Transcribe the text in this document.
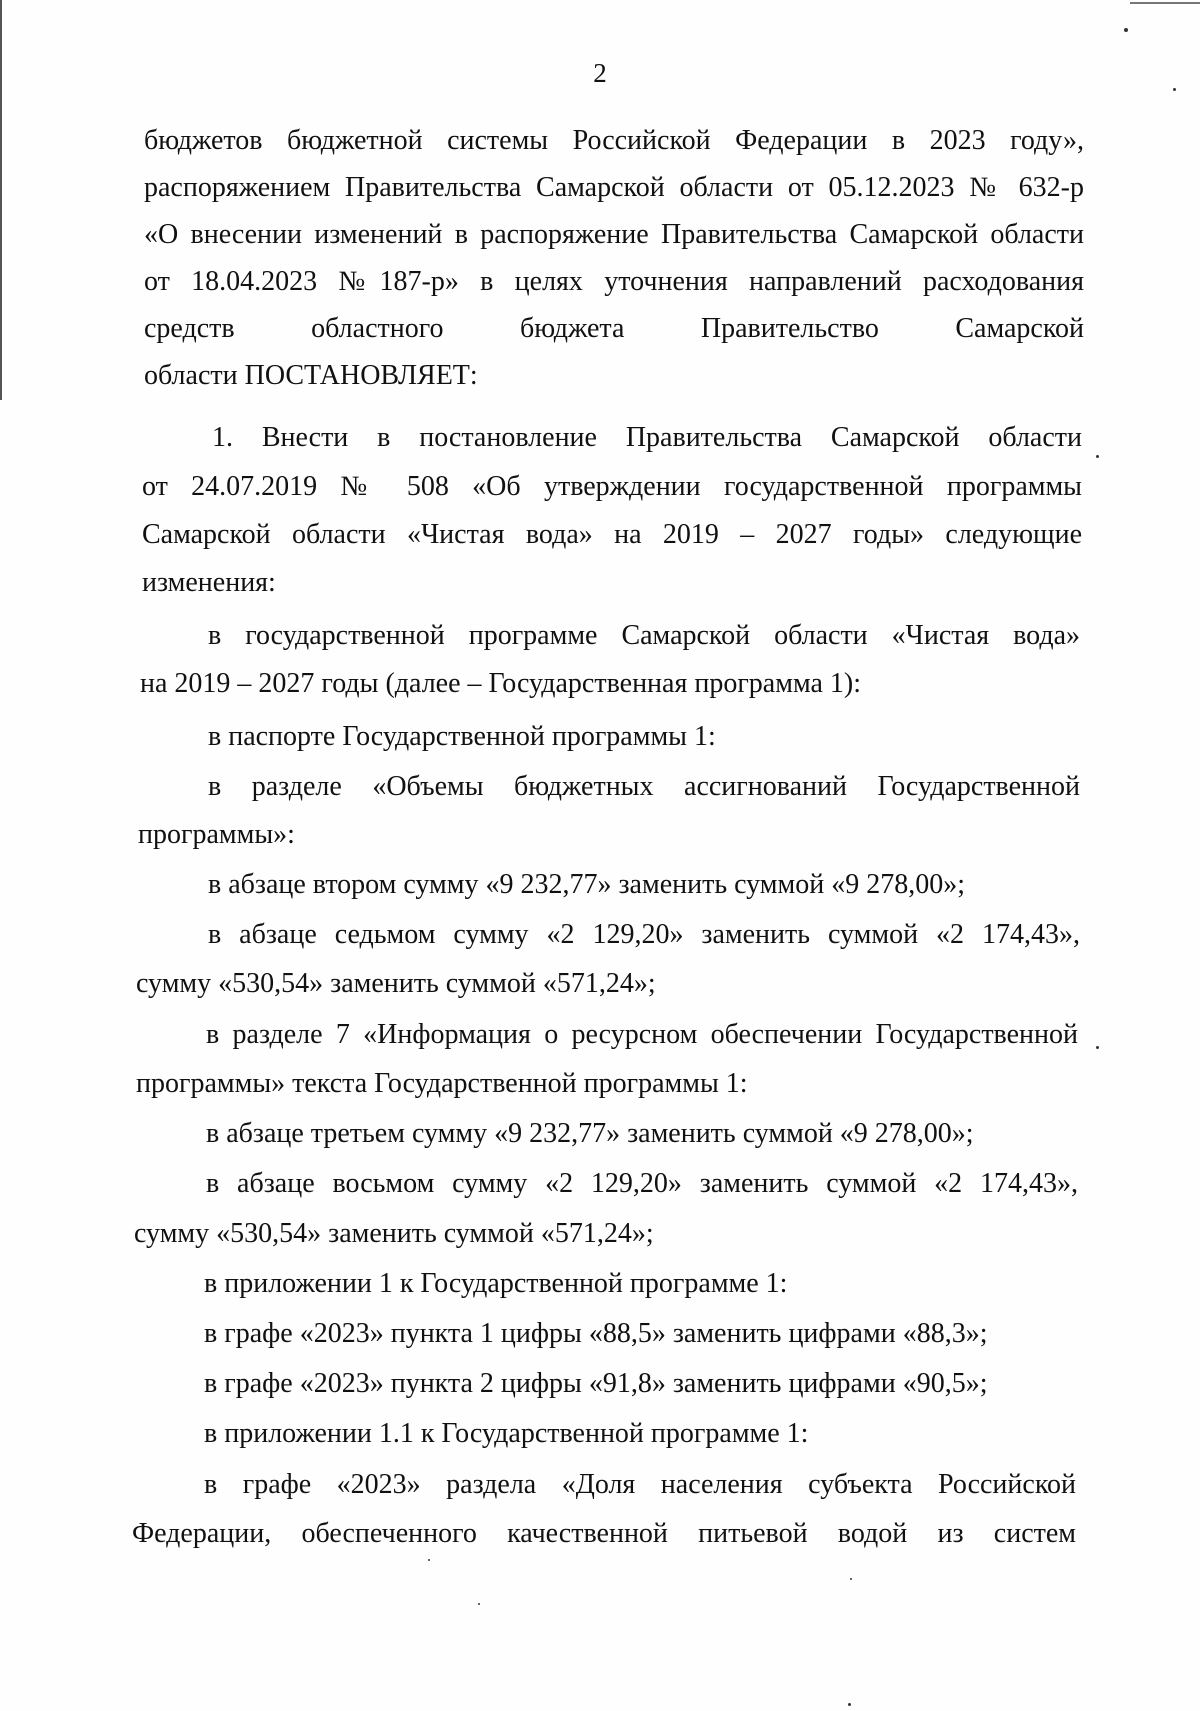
2
бюджетов бюджетной системы Российской Федерации в 2023 году»,
распоряжением Правительства Самарской области от 05.12.2023 № 632-р
«О внесении изменений в распоряжение Правительства Самарской области
от 18.04.2023 №187-р» в целях уточнения направлений расходования
средств областного бюджета Правительство Самарской
области ПОСТАНОВЛЯЕТ:
1. Внести в постановление Правительства Самарской области
от 24.07.2019 № 508 «Об утверждении государственной программы
Самарской области «Чистая вода» на 2019 – 2027 годы» следующие
изменения:
в государственной программе Самарской области «Чистая вода»
на 2019 – 2027 годы (далее – Государственная программа 1):
в паспорте Государственной программы 1:
в разделе «Объемы бюджетных ассигнований Государственной
программы»:
в абзаце втором сумму «9 232,77» заменить суммой «9 278,00»;
в абзаце седьмом сумму «2 129,20» заменить суммой «2 174,43»,
сумму «530,54» заменить суммой «571,24»;
в разделе 7 «Информация о ресурсном обеспечении Государственной
программы» текста Государственной программы 1:
в абзаце третьем сумму «9 232,77» заменить суммой «9 278,00»;
в абзаце восьмом сумму «2 129,20» заменить суммой «2 174,43»,
сумму «530,54» заменить суммой «571,24»;
в приложении 1 к Государственной программе 1:
в графе «2023» пункта 1 цифры «88,5» заменить цифрами «88,3»;
в графе «2023» пункта 2 цифры «91,8» заменить цифрами «90,5»;
в приложении 1.1 к Государственной программе 1:
в графе «2023» раздела «Доля населения субъекта Российской
Федерации, обеспеченного качественной питьевой водой из систем
